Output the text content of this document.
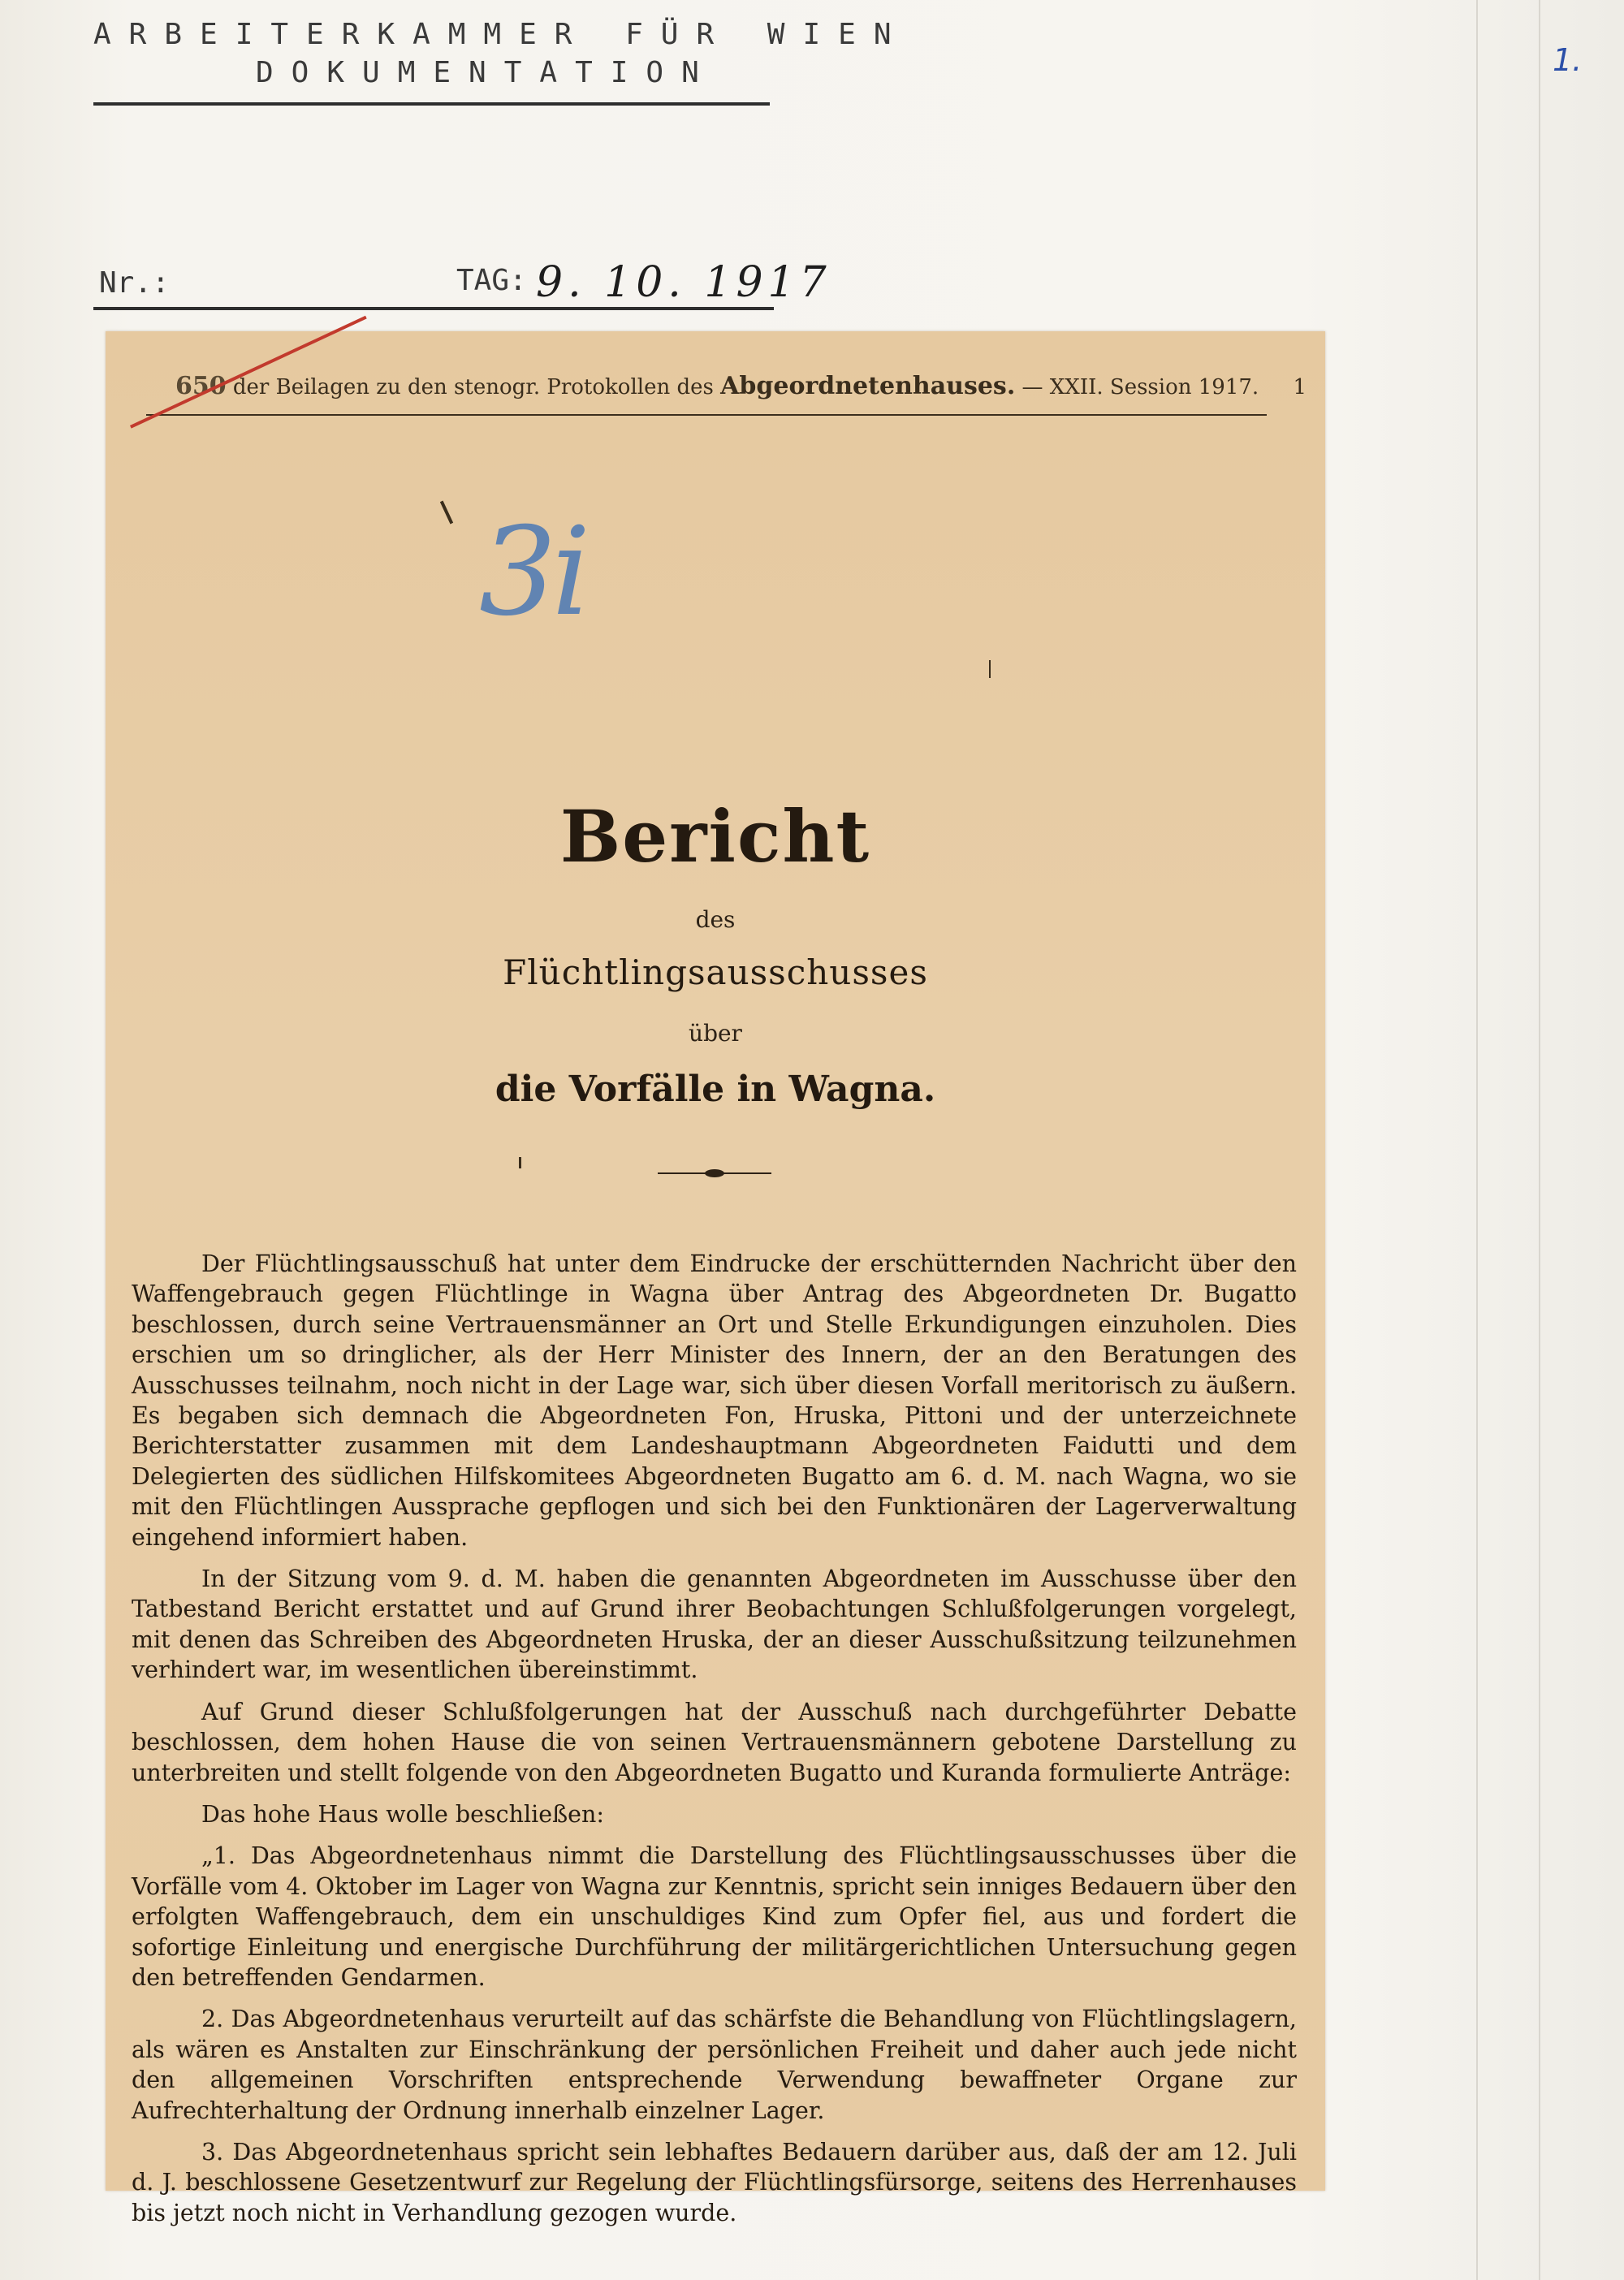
ARBEITERKAMMER FÜR WIEN
DOKUMENTATION	1.
Nr.:	TAG: 9. 10. 1917
650 der Beilagen zu den stenogr. Protokollen des Abgeordnetenhauses. — XXII. Session 1917. 1
3i
Bericht
des
Flüchtlingsausschusses
über
die Vorfälle in Wagna.

Der Flüchtlingsausschuß hat unter dem Eindrucke der erschütternden Nachricht über den Waffengebrauch gegen Flüchtlinge in Wagna über Antrag des Abgeordneten Dr. Bugatto beschlossen, durch seine Vertrauensmänner an Ort und Stelle Erkundigungen einzuholen. Dies erschien um so dringlicher, als der Herr Minister des Innern, der an den Beratungen des Ausschusses teilnahm, noch nicht in der Lage war, sich über diesen Vorfall meritorisch zu äußern. Es begaben sich demnach die Abgeordneten Fon, Hruska, Pittoni und der unterzeichnete Berichterstatter zusammen mit dem Landeshauptmann Abgeordneten Faidutti und dem Delegierten des südlichen Hilfskomitees Abgeordneten Bugatto am 6. d. M. nach Wagna, wo sie mit den Flüchtlingen Aussprache gepflogen und sich bei den Funktionären der Lagerverwaltung eingehend informiert haben.

In der Sitzung vom 9. d. M. haben die genannten Abgeordneten im Ausschusse über den Tatbestand Bericht erstattet und auf Grund ihrer Beobachtungen Schlußfolgerungen vorgelegt, mit denen das Schreiben des Abgeordneten Hruska, der an dieser Ausschußsitzung teilzunehmen verhindert war, im wesentlichen übereinstimmt.

Auf Grund dieser Schlußfolgerungen hat der Ausschuß nach durchgeführter Debatte beschlossen, dem hohen Hause die von seinen Vertrauensmännern gebotene Darstellung zu unterbreiten und stellt folgende von den Abgeordneten Bugatto und Kuranda formulierte Anträge:

Das hohe Haus wolle beschließen:

„1. Das Abgeordnetenhaus nimmt die Darstellung des Flüchtlingsausschusses über die Vorfälle vom 4. Oktober im Lager von Wagna zur Kenntnis, spricht sein inniges Bedauern über den erfolgten Waffengebrauch, dem ein unschuldiges Kind zum Opfer fiel, aus und fordert die sofortige Einleitung und energische Durchführung der militärgerichtlichen Untersuchung gegen den betreffenden Gendarmen.

2. Das Abgeordnetenhaus verurteilt auf das schärfste die Behandlung von Flüchtlingslagern, als wären es Anstalten zur Einschränkung der persönlichen Freiheit und daher auch jede nicht den allgemeinen Vorschriften entsprechende Verwendung bewaffneter Organe zur Aufrechterhaltung der Ordnung innerhalb einzelner Lager.

3. Das Abgeordnetenhaus spricht sein lebhaftes Bedauern darüber aus, daß der am 12. Juli d. J. beschlossene Gesetzentwurf zur Regelung der Flüchtlingsfürsorge, seitens des Herrenhauses bis jetzt noch nicht in Verhandlung gezogen wurde.
